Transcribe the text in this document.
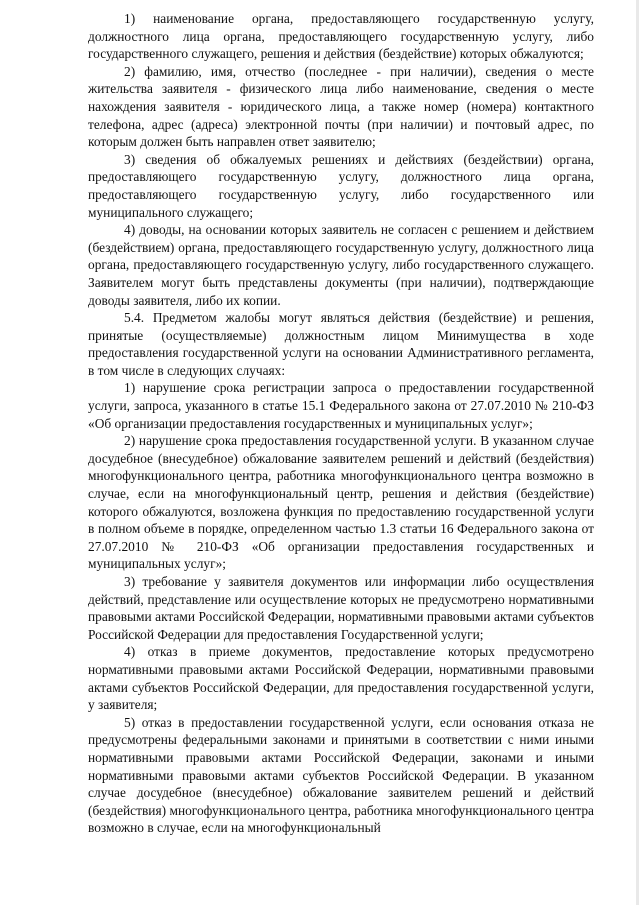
1) наименование органа, предоставляющего государственную услугу, должностного лица органа, предоставляющего государственную услугу, либо государственного служащего, решения и действия (бездействие) которых обжалуются;

2) фамилию, имя, отчество (последнее - при наличии), сведения о месте жительства заявителя - физического лица либо наименование, сведения о месте нахождения заявителя - юридического лица, а также номер (номера) контактного телефона, адрес (адреса) электронной почты (при наличии) и почтовый адрес, по которым должен быть направлен ответ заявителю;

3) сведения об обжалуемых решениях и действиях (бездействии) органа, предоставляющего государственную услугу, должностного лица органа, предоставляющего государственную услугу, либо государственного или муниципального служащего;

4) доводы, на основании которых заявитель не согласен с решением и действием (бездействием) органа, предоставляющего государственную услугу, должностного лица органа, предоставляющего государственную услугу, либо государственного служащего. Заявителем могут быть представлены документы (при наличии), подтверждающие доводы заявителя, либо их копии.

5.4. Предметом жалобы могут являться действия (бездействие) и решения, принятые (осуществляемые) должностным лицом Минимущества в ходе предоставления государственной услуги на основании Административного регламента, в том числе в следующих случаях:

1) нарушение срока регистрации запроса о предоставлении государственной услуги, запроса, указанного в статье 15.1 Федерального закона от 27.07.2010 № 210-ФЗ «Об организации предоставления государственных и муниципальных услуг»;

2) нарушение срока предоставления государственной услуги. В указанном случае досудебное (внесудебное) обжалование заявителем решений и действий (бездействия) многофункционального центра, работника многофункционального центра возможно в случае, если на многофункциональный центр, решения и действия (бездействие) которого обжалуются, возложена функция по предоставлению государственной услуги в полном объеме в порядке, определенном частью 1.3 статьи 16 Федерального закона от 27.07.2010 № 210-ФЗ «Об организации предоставления государственных и муниципальных услуг»;

3) требование у заявителя документов или информации либо осуществления действий, представление или осуществление которых не предусмотрено нормативными правовыми актами Российской Федерации, нормативными правовыми актами субъектов Российской Федерации для предоставления Государственной услуги;

4) отказ в приеме документов, предоставление которых предусмотрено нормативными правовыми актами Российской Федерации, нормативными правовыми актами субъектов Российской Федерации, для предоставления государственной услуги, у заявителя;

5) отказ в предоставлении государственной услуги, если основания отказа не предусмотрены федеральными законами и принятыми в соответствии с ними иными нормативными правовыми актами Российской Федерации, законами и иными нормативными правовыми актами субъектов Российской Федерации. В указанном случае досудебное (внесудебное) обжалование заявителем решений и действий (бездействия) многофункционального центра, работника многофункционального центра возможно в случае, если на многофункциональный
